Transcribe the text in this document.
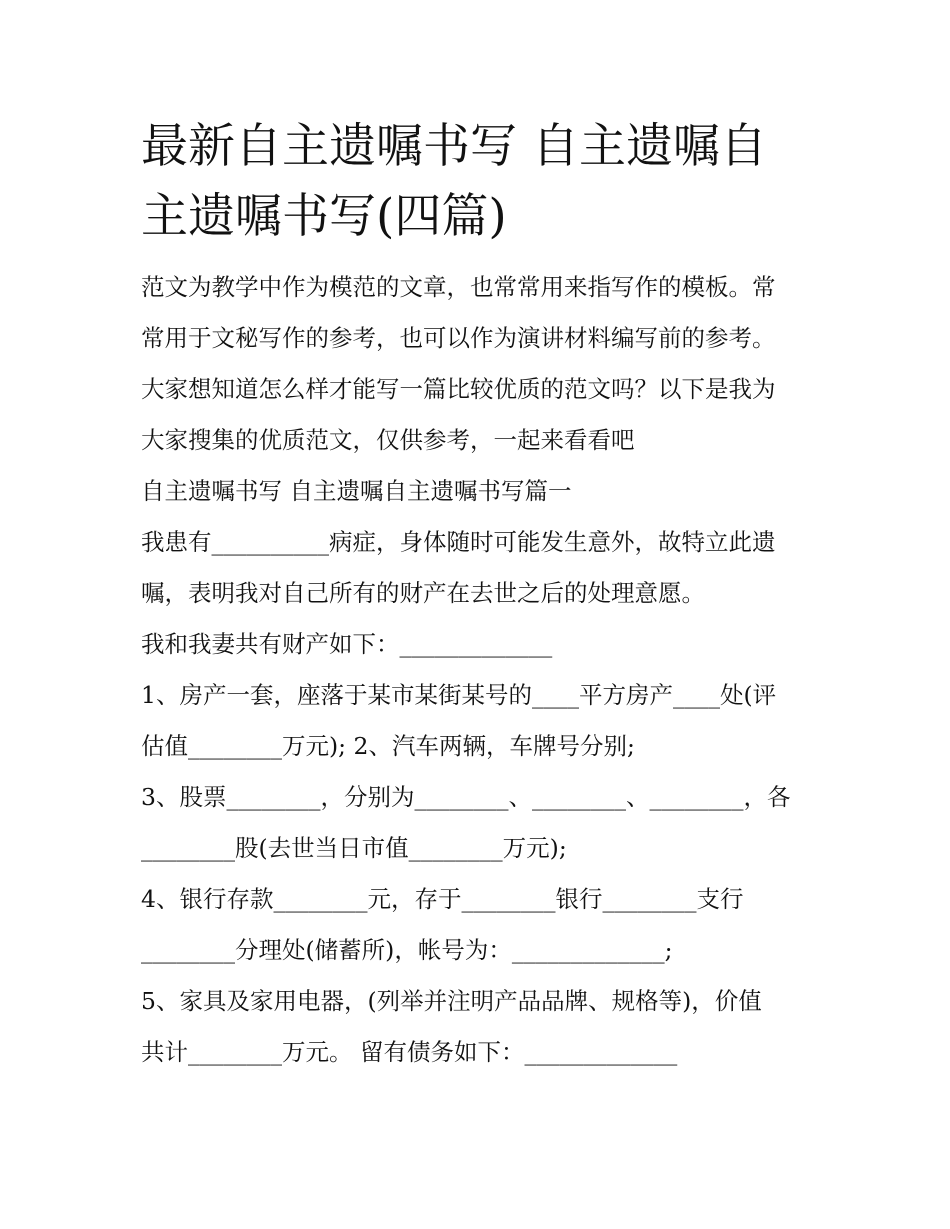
最新自主遗嘱书写 自主遗嘱自
主遗嘱书写(四篇)
范文为教学中作为模范的文章，也常常用来指写作的模板。常
常用于文秘写作的参考，也可以作为演讲材料编写前的参考。
大家想知道怎么样才能写一篇比较优质的范文吗？以下是我为
大家搜集的优质范文，仅供参考，一起来看看吧
自主遗嘱书写 自主遗嘱自主遗嘱书写篇一
我患有__________病症，身体随时可能发生意外，故特立此遗
嘱，表明我对自己所有的财产在去世之后的处理意愿。
我和我妻共有财产如下：_____________
1、房产一套，座落于某市某街某号的____平方房产____处(评
估值________万元); 2、汽车两辆，车牌号分别;
3、股票________，分别为________、________、________，各
________股(去世当日市值________万元);
4、银行存款________元，存于________银行________支行
________分理处(储蓄所)，帐号为：_____________;
5、家具及家用电器，(列举并注明产品品牌、规格等)，价值
共计________万元。 留有债务如下：_____________
